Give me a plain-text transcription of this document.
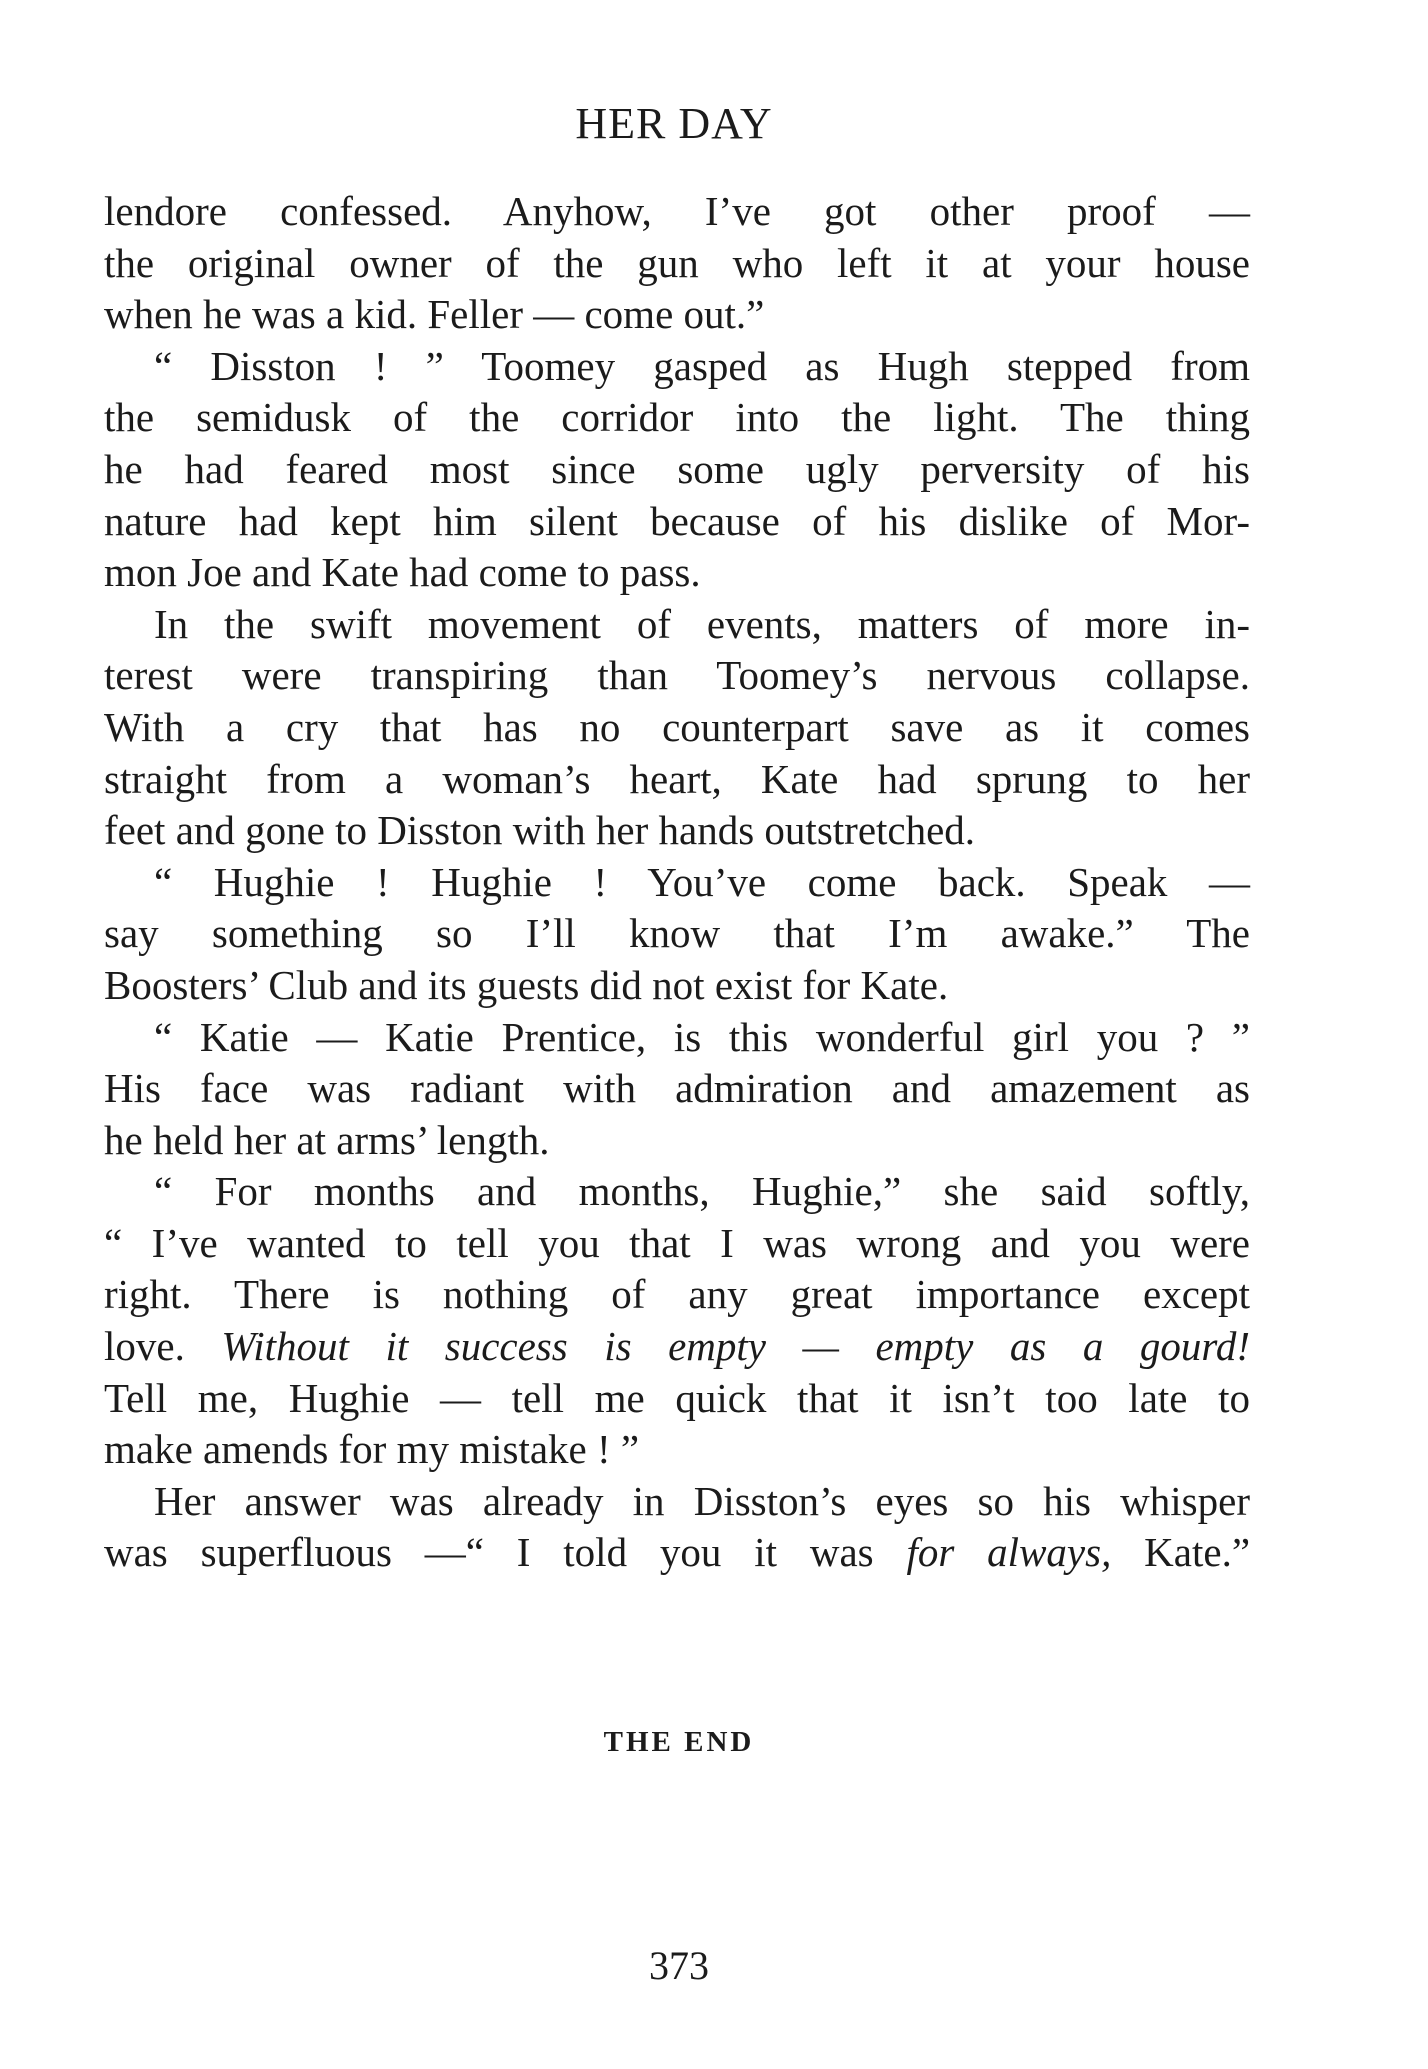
HER DAY
lendore confessed. Anyhow, I’ve got other proof —
the original owner of the gun who left it at your house
when he was a kid. Feller — come out.”
“ Disston ! ” Toomey gasped as Hugh stepped from
the semidusk of the corridor into the light. The thing
he had feared most since some ugly perversity of his
nature had kept him silent because of his dislike of Mor-
mon Joe and Kate had come to pass.
In the swift movement of events, matters of more in-
terest were transpiring than Toomey’s nervous collapse.
With a cry that has no counterpart save as it comes
straight from a woman’s heart, Kate had sprung to her
feet and gone to Disston with her hands outstretched.
“ Hughie ! Hughie ! You’ve come back. Speak —
say something so I’ll know that I’m awake.” The
Boosters’ Club and its guests did not exist for Kate.
“ Katie — Katie Prentice, is this wonderful girl you ? ”
His face was radiant with admiration and amazement as
he held her at arms’ length.
“ For months and months, Hughie,” she said softly,
“ I’ve wanted to tell you that I was wrong and you were
right. There is nothing of any great importance except
love. Without it success is empty — empty as a gourd!
Tell me, Hughie — tell me quick that it isn’t too late to
make amends for my mistake ! ”
Her answer was already in Disston’s eyes so his whisper
was superfluous —“ I told you it was for always, Kate.”
THE END
373
